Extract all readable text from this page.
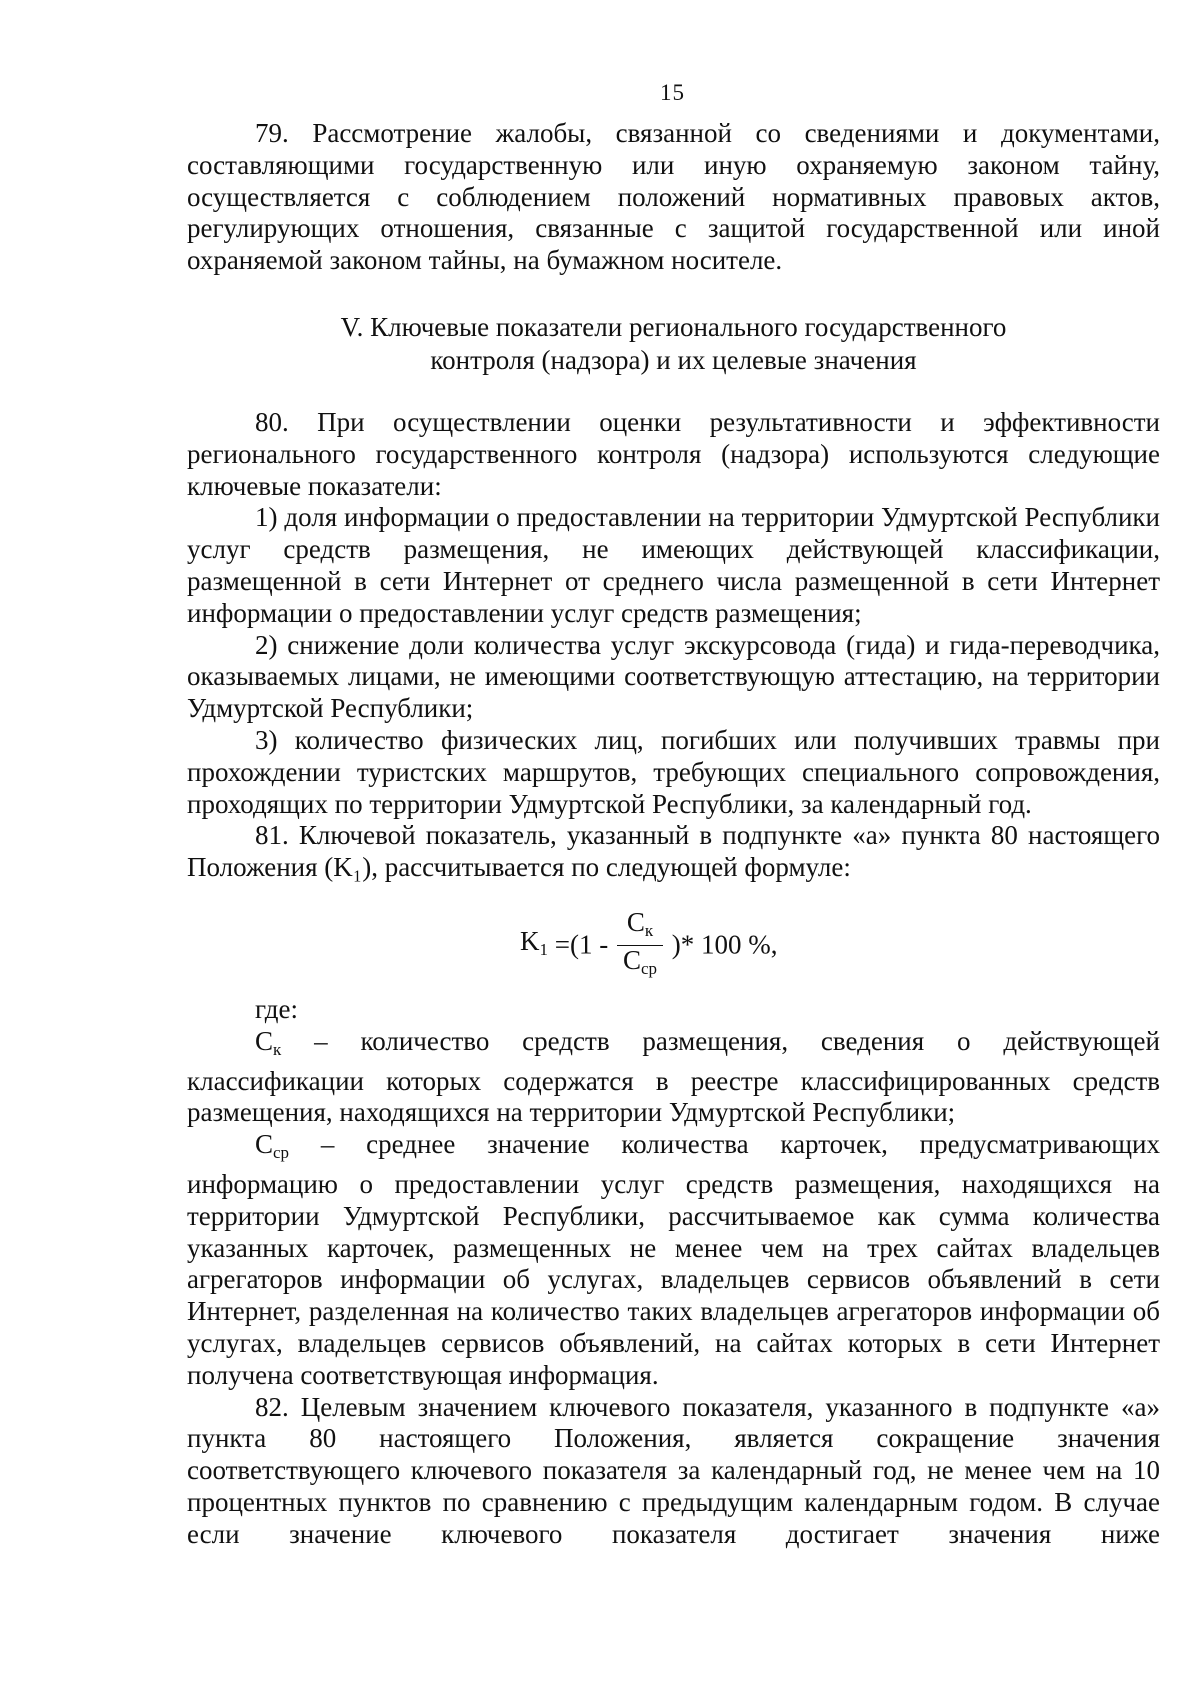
15

79. Рассмотрение жалобы, связанной со сведениями и документами, составляющими государственную или иную охраняемую законом тайну, осуществляется с соблюдением положений нормативных правовых актов, регулирующих отношения, связанные с защитой государственной или иной охраняемой законом тайны, на бумажном носителе.

V. Ключевые показатели регионального государственного

контроля (надзора) и их целевые значения

80. При осуществлении оценки результативности и эффективности регионального государственного контроля (надзора) используются следующие ключевые показатели:

1) доля информации о предоставлении на территории Удмуртской Республики услуг средств размещения, не имеющих действующей классификации, размещенной в сети Интернет от среднего числа размещенной в сети Интернет информации о предоставлении услуг средств размещения;

2) снижение доли количества услуг экскурсовода (гида) и гида-переводчика, оказываемых лицами, не имеющими соответствующую аттестацию, на территории Удмуртской Республики;

3) количество физических лиц, погибших или получивших травмы при прохождении туристских маршрутов, требующих специального сопровождения, проходящих по территории Удмуртской Республики, за календарный год.

81. Ключевой показатель, указанный в подпункте «а» пункта 80 настоящего Положения (K₁), рассчитывается по следующей формуле:

$K_1 =(1 - \frac{C_к}{C_{ср}}$ )* 100 %,

где:

$C_к$ – количество средств размещения, сведения о действующей классификации которых содержатся в реестре классифицированных средств размещения, находящихся на территории Удмуртской Республики;

$C_{ср}$ – среднее значение количества карточек, предусматривающих информацию о предоставлении услуг средств размещения, находящихся на территории Удмуртской Республики, рассчитываемое как сумма количества указанных карточек, размещенных не менее чем на трех сайтах владельцев агрегаторов информации об услугах, владельцев сервисов объявлений в сети Интернет, разделенная на количество таких владельцев агрегаторов информации об услугах, владельцев сервисов объявлений, на сайтах которых в сети Интернет получена соответствующая информация.

82. Целевым значением ключевого показателя, указанного в подпункте «а» пункта 80 настоящего Положения, является сокращение значения соответствующего ключевого показателя за календарный год, не менее чем на 10 процентных пунктов по сравнению с предыдущим календарным годом. В случае если значение ключевого показателя достигает значения ниже
